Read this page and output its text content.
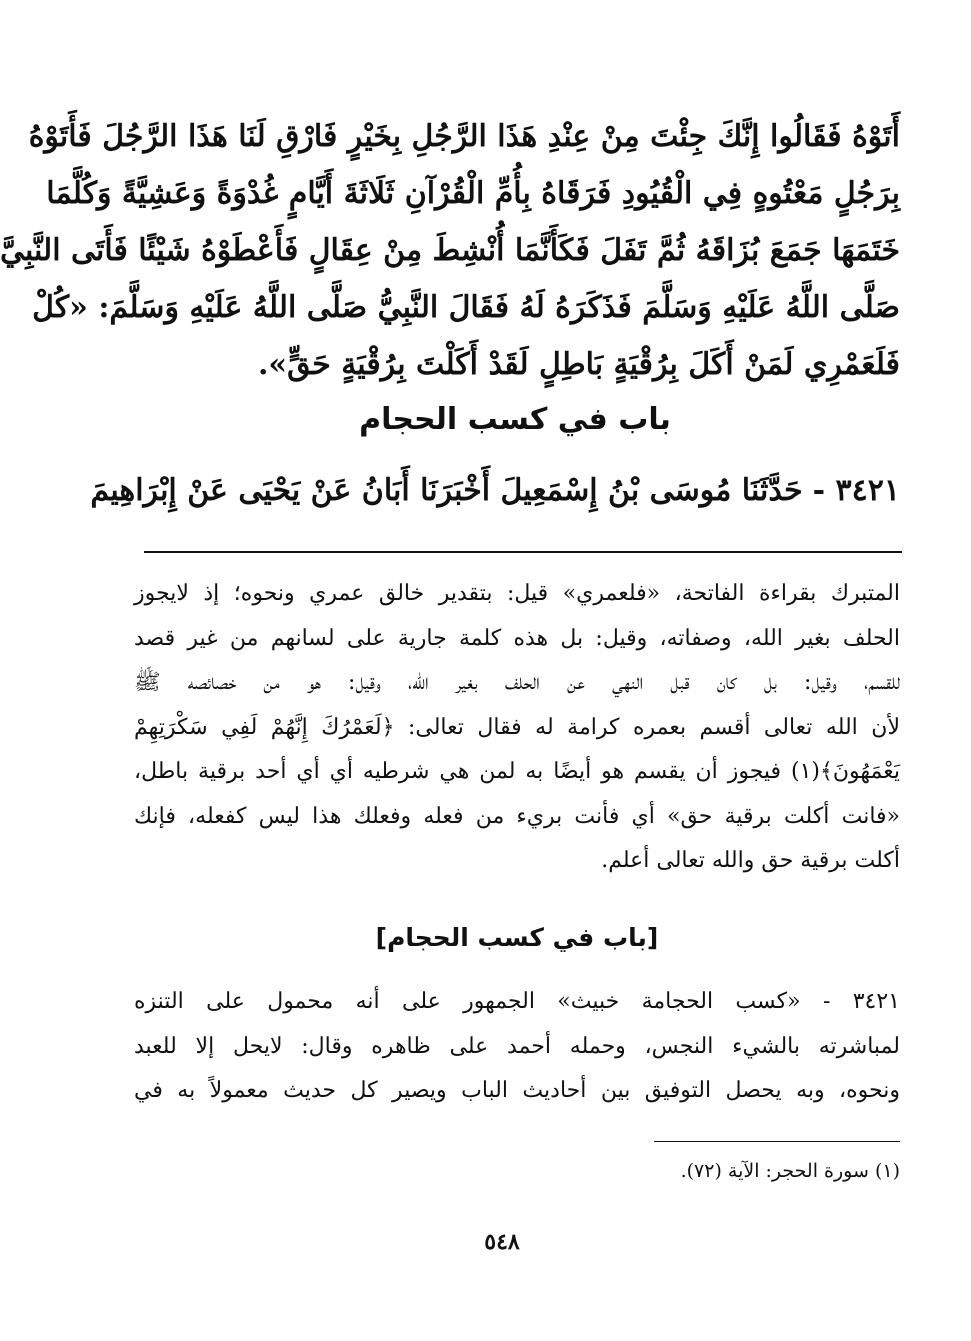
أَتَوْهُ فَقَالُوا إِنَّكَ جِئْتَ مِنْ عِنْدِ هَذَا الرَّجُلِ بِخَيْرٍ فَارْقِ لَنَا هَذَا الرَّجُلَ فَأَتَوْهُ
بِرَجُلٍ مَعْتُوهٍ فِي الْقُيُودِ فَرَقَاهُ بِأُمِّ الْقُرْآنِ ثَلَاثَةَ أَيَّامٍ غُدْوَةً وَعَشِيَّةً وَكُلَّمَا
خَتَمَهَا جَمَعَ بُزَاقَهُ ثُمَّ تَفَلَ فَكَأَنَّمَا أُنْشِطَ مِنْ عِقَالٍ فَأَعْطَوْهُ شَيْئًا فَأَتَى النَّبِيَّ
صَلَّى اللَّهُ عَلَيْهِ وَسَلَّمَ فَذَكَرَهُ لَهُ فَقَالَ النَّبِيُّ صَلَّى اللَّهُ عَلَيْهِ وَسَلَّمَ: «كُلْ
فَلَعَمْرِي لَمَنْ أَكَلَ بِرُقْيَةٍ بَاطِلٍ لَقَدْ أَكَلْتَ بِرُقْيَةٍ حَقٍّ».
باب في كسب الحجام
٣٤٢١ -حَدَّثَنَا مُوسَى بْنُ إِسْمَعِيلَ أَخْبَرَنَا أَبَانُ عَنْ يَحْيَى عَنْ إِبْرَاهِيمَ
المتبرك بقراءة الفاتحة، «فلعمري» قيل: بتقدير خالق عمري ونحوه؛ إذ لايجوز
الحلف بغير الله، وصفاته، وقيل: بل هذه كلمة جارية على لسانهم من غير قصد
للقسم، وقيل: بل كان قبل النهي عن الحلف بغير الله، وقيل: هو من خصائصه ﷺ
لأن الله تعالى أقسم بعمره كرامة له فقال تعالى: ﴿لَعَمْرُكَ إِنَّهُمْ لَفِي سَكْرَتِهِمْ
يَعْمَهُونَ﴾(١) فيجوز أن يقسم هو أيضًا به لمن هي شرطيه أي أي أحد برقية باطل،
«فانت أكلت برقية حق» أي فأنت بريء من فعله وفعلك هذا ليس كفعله، فإنك
أكلت برقية حق والله تعالى أعلم.
[باب في كسب الحجام]
٣٤٢١ - «كسب الحجامة خبيث» الجمهور على أنه محمول على التنزه
لمباشرته بالشيء النجس، وحمله أحمد على ظاهره وقال: لايحل إلا للعبد
ونحوه، وبه يحصل التوفيق بين أحاديث الباب ويصير كل حديث معمولاً به في
(١) سورة الحجر: الآية (٧٢).
٥٤٨
